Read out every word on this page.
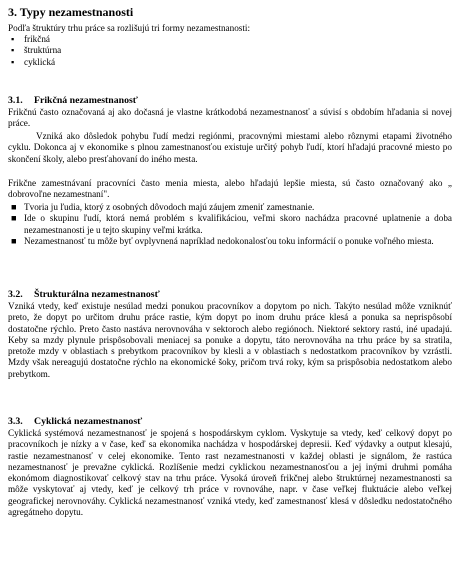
3. Typy nezamestnanosti
Podľa štruktúry trhu práce sa rozlišujú tri formy nezamestnanosti:
▪ frikčná
▪ štruktúrna
▪ cyklická
3.1. Frikčná nezamestnanosť
Frikčnú často označovaná aj ako dočasná je vlastne krátkodobá nezamestnanosť a súvisí s obdobím hľadania si novej práce.
Vzniká ako dôsledok pohybu ľudí medzi regiónmi, pracovnými miestami alebo rôznymi etapami životného cyklu. Dokonca aj v ekonomike s plnou zamestnanosťou existuje určitý pohyb ľudí, ktorí hľadajú pracovné miesto po skončení školy, alebo presťahovaní do iného mesta.
Frikčne zamestnávaní pracovníci často menia miesta, alebo hľadajú lepšie miesta, sú často označovaný ako „ dobrovoľne nezamestnaní".
■ Tvoria ju ľudia, ktorý z osobných dôvodoch majú záujem zmeniť zamestnanie.
■ Ide o skupinu ľudí, ktorá nemá problém s kvalifikáciou, veľmi skoro nachádza pracovné uplatnenie a doba nezamestnanosti je u tejto skupiny veľmi krátka.
■ Nezamestnanosť tu môže byť ovplyvnená napríklad nedokonalosťou toku informácií o ponuke voľného miesta.
3.2. Štrukturálna nezamestnanosť
Vzniká vtedy, keď existuje nesúlad medzi ponukou pracovníkov a dopytom po nich. Takýto nesúlad môže vzniknúť preto, že dopyt po určitom druhu práce rastie, kým dopyt po inom druhu práce klesá a ponuka sa neprispôsobí dostatočne rýchlo. Preto často nastáva nerovnováha v sektoroch alebo regiónoch. Niektoré sektory rastú, iné upadajú. Keby sa mzdy plynule prispôsobovali meniacej sa ponuke a dopytu, táto nerovnováha na trhu práce by sa stratila, pretože mzdy v oblastiach s prebytkom pracovníkov by klesli a v oblastiach s nedostatkom pracovníkov by vzrástli. Mzdy však nereagujú dostatočne rýchlo na ekonomické šoky, pričom trvá roky, kým sa prispôsobia nedostatkom alebo prebytkom.
3.3. Cyklická nezamestnanosť
Cyklická systémová nezamestnanosť je spojená s hospodárskym cyklom. Vyskytuje sa vtedy, keď celkový dopyt po pracovníkoch je nízky a v čase, keď sa ekonomika nachádza v hospodárskej depresii. Keď výdavky a output klesajú, rastie nezamestnanosť v celej ekonomike. Tento rast nezamestnanosti v každej oblasti je signálom, že rastúca nezamestnanosť je prevažne cyklická. Rozlíšenie medzi cyklickou nezamestnanosťou a jej inými druhmi pomáha ekonómom diagnostikovať celkový stav na trhu práce. Vysoká úroveň frikčnej alebo štruktúrnej nezamestnanosti sa môže vyskytovať aj vtedy, keď je celkový trh práce v rovnováhe, napr. v čase veľkej fluktuácie alebo veľkej geografickej nerovnováhy. Cyklická nezamestnanosť vzniká vtedy, keď zamestnanosť klesá v dôsledku nedostatočného agregátneho dopytu.
